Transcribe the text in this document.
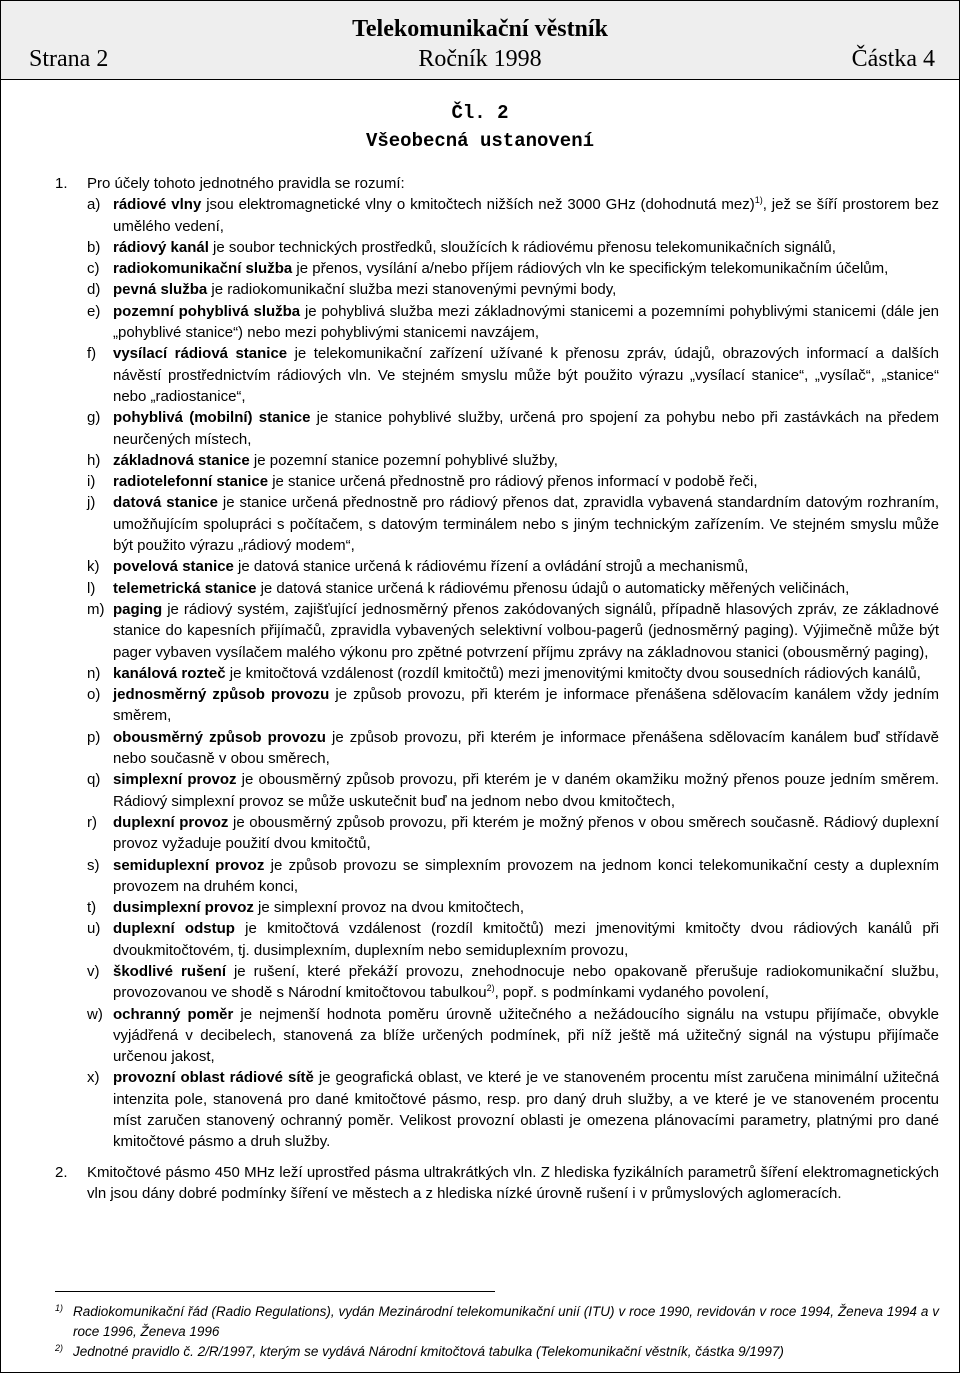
Telekomunikační věstník
Strana 2	Ročník 1998	Částka 4
Čl. 2
Všeobecná ustanovení
1. Pro účely tohoto jednotného pravidla se rozumí:
a) rádiové vlny jsou elektromagnetické vlny o kmitočtech nižších než 3000 GHz (dohodnutá mez)$^{1)}$, jež se šíří prostorem bez umělého vedení,
b) rádiový kanál je soubor technických prostředků, sloužících k rádiovému přenosu telekomunikačních signálů,
c) radiokomunikační služba je přenos, vysílání a/nebo příjem rádiových vln ke specifickým telekomunikačním účelům,
d) pevná služba je radiokomunikační služba mezi stanovenými pevnými body,
e) pozemní pohyblivá služba je pohyblivá služba mezi základnovými stanicemi a pozemními pohyblivými stanicemi (dále jen „pohyblivé stanice“) nebo mezi pohyblivými stanicemi navzájem,
f) vysílací rádiová stanice je telekomunikační zařízení užívané k přenosu zpráv, údajů, obrazových informací a dalších návěstí prostřednictvím rádiových vln. Ve stejném smyslu může být použito výrazu „vysílací stanice“, „vysílač“, „stanice“ nebo „radiostanice“,
g) pohyblivá (mobilní) stanice je stanice pohyblivé služby, určená pro spojení za pohybu nebo při zastávkách na předem neurčených místech,
h) základnová stanice je pozemní stanice pozemní pohyblivé služby,
i) radiotelefonní stanice je stanice určená přednostně pro rádiový přenos informací v podobě řeči,
j) datová stanice je stanice určená přednostně pro rádiový přenos dat, zpravidla vybavená standardním datovým rozhraním, umožňujícím spolupráci s počítačem, s datovým terminálem nebo s jiným technickým zařízením. Ve stejném smyslu může být použito výrazu „rádiový modem“,
k) povelová stanice je datová stanice určená k rádiovému řízení a ovládání strojů a mechanismů,
l) telemetrická stanice je datová stanice určená k rádiovému přenosu údajů o automaticky měřených veličinách,
m) paging je rádiový systém, zajišťující jednosměrný přenos zakódovaných signálů, případně hlasových zpráv, ze základnové stanice do kapesních přijímačů, zpravidla vybavených selektivní volbou-pagerů (jednosměrný paging). Výjimečně může být pager vybaven vysílačem malého výkonu pro zpětné potvrzení příjmu zprávy na základnovou stanici (obousměrný paging),
n) kanálová rozteč je kmitočtová vzdálenost (rozdíl kmitočtů) mezi jmenovitými kmitočty dvou sousedních rádiových kanálů,
o) jednosměrný způsob provozu je způsob provozu, při kterém je informace přenášena sdělovacím kanálem vždy jedním směrem,
p) obousměrný způsob provozu je způsob provozu, při kterém je informace přenášena sdělovacím kanálem buď střídavě nebo současně v obou směrech,
q) simplexní provoz je obousměrný způsob provozu, při kterém je v daném okamžiku možný přenos pouze jedním směrem. Rádiový simplexní provoz se může uskutečnit buď na jednom nebo dvou kmitočtech,
r) duplexní provoz je obousměrný způsob provozu, při kterém je možný přenos v obou směrech současně. Rádiový duplexní provoz vyžaduje použití dvou kmitočtů,
s) semiduplexní provoz je způsob provozu se simplexním provozem na jednom konci telekomunikační cesty a duplexním provozem na druhém konci,
t) dusimplexní provoz je simplexní provoz na dvou kmitočtech,
u) duplexní odstup je kmitočtová vzdálenost (rozdíl kmitočtů) mezi jmenovitými kmitočty dvou rádiových kanálů při dvoukmitočtovém, tj. dusimplexním, duplexním nebo semiduplexním provozu,
v) škodlivé rušení je rušení, které překáží provozu, znehodnocuje nebo opakovaně přerušuje radiokomunikační službu, provozovanou ve shodě s Národní kmitočtovou tabulkou$^{2)}$, popř. s podmínkami vydaného povolení,
w) ochranný poměr je nejmenší hodnota poměru úrovně užitečného a nežádoucího signálu na vstupu přijímače, obvykle vyjádřená v decibelech, stanovená za blíže určených podmínek, při níž ještě má užitečný signál na výstupu přijímače určenou jakost,
x) provozní oblast rádiové sítě je geografická oblast, ve které je ve stanoveném procentu míst zaručena minimální užitečná intenzita pole, stanovená pro dané kmitočtové pásmo, resp. pro daný druh služby, a ve které je ve stanoveném procentu míst zaručen stanovený ochranný poměr. Velikost provozní oblasti je omezena plánovacími parametry, platnými pro dané kmitočtové pásmo a druh služby.
2. Kmitočtové pásmo 450 MHz leží uprostřed pásma ultrakrátkých vln. Z hlediska fyzikálních parametrů šíření elektromagnetických vln jsou dány dobré podmínky šíření ve městech a z hlediska nízké úrovně rušení i v průmyslových aglomeracích.
1) Radiokomunikační řád (Radio Regulations), vydán Mezinárodní telekomunikační unií (ITU) v roce 1990, revidován v roce 1994, Ženeva 1994 a v roce 1996, Ženeva 1996
2) Jednotné pravidlo č. 2/R/1997, kterým se vydává Národní kmitočtová tabulka (Telekomunikační věstník, částka 9/1997)
